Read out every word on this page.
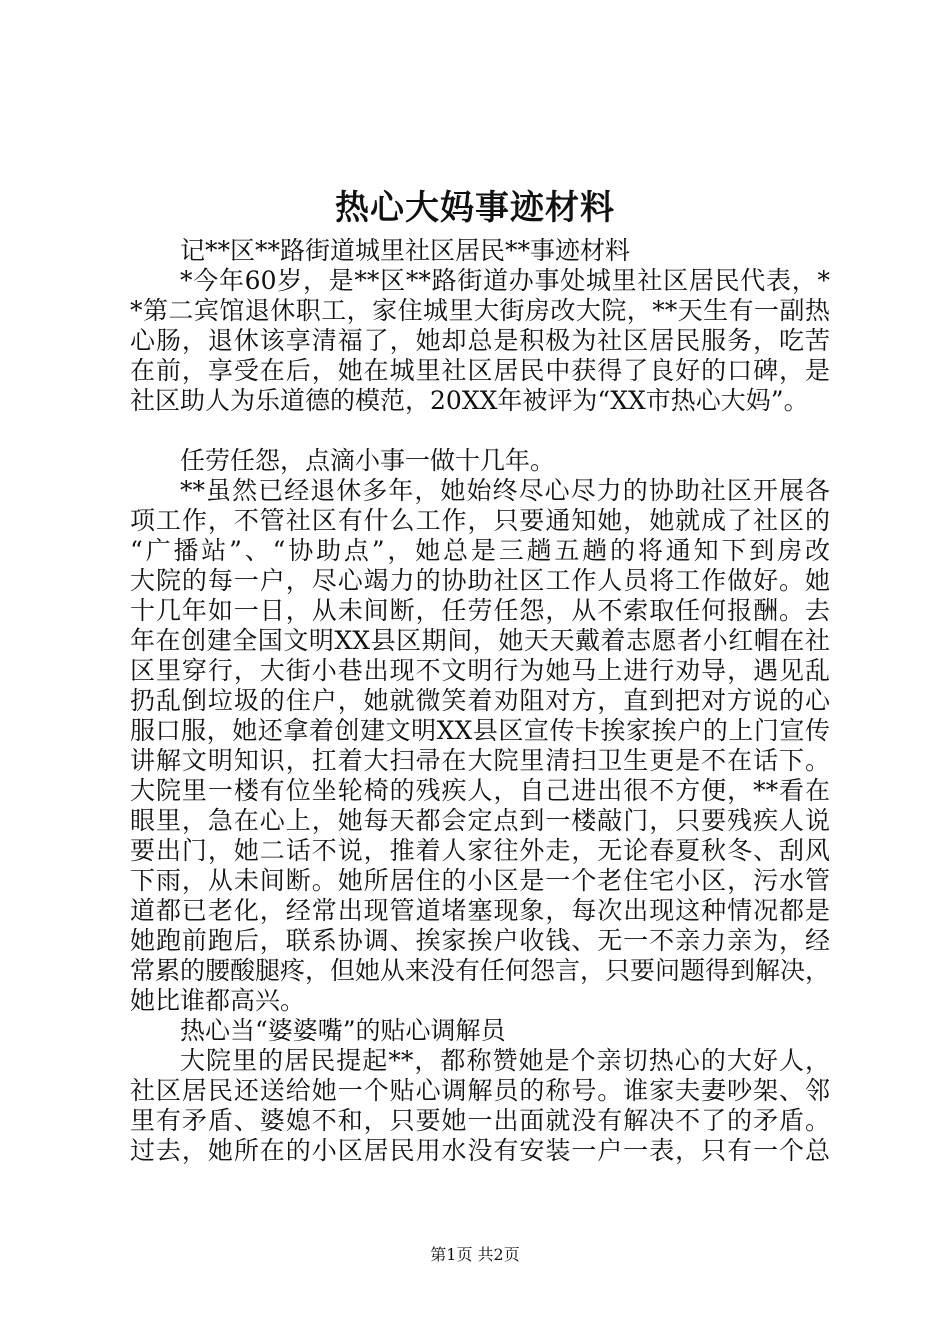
热心大妈事迹材料
记**区**路街道城里社区居民**事迹材料
*今年60岁，是**区**路街道办事处城里社区居民代表，*
*第二宾馆退休职工，家住城里大街房改大院，**天生有一副热
心肠，退休该享清福了，她却总是积极为社区居民服务，吃苦
在前，享受在后，她在城里社区居民中获得了良好的口碑，是
社区助人为乐道德的模范，20XX年被评为“XX市热心大妈”。
任劳任怨，点滴小事一做十几年。
**虽然已经退休多年，她始终尽心尽力的协助社区开展各
项工作，不管社区有什么工作，只要通知她，她就成了社区的
“广播站”、“协助点”，她总是三趟五趟的将通知下到房改
大院的每一户，尽心竭力的协助社区工作人员将工作做好。她
十几年如一日，从未间断，任劳任怨，从不索取任何报酬。去
年在创建全国文明XX县区期间，她天天戴着志愿者小红帽在社
区里穿行，大街小巷出现不文明行为她马上进行劝导，遇见乱
扔乱倒垃圾的住户，她就微笑着劝阻对方，直到把对方说的心
服口服，她还拿着创建文明XX县区宣传卡挨家挨户的上门宣传
讲解文明知识，扛着大扫帚在大院里清扫卫生更是不在话下。
大院里一楼有位坐轮椅的残疾人，自己进出很不方便，**看在
眼里，急在心上，她每天都会定点到一楼敲门，只要残疾人说
要出门，她二话不说，推着人家往外走，无论春夏秋冬、刮风
下雨，从未间断。她所居住的小区是一个老住宅小区，污水管
道都已老化，经常出现管道堵塞现象，每次出现这种情况都是
她跑前跑后，联系协调、挨家挨户收钱、无一不亲力亲为，经
常累的腰酸腿疼，但她从来没有任何怨言，只要问题得到解决，
她比谁都高兴。
热心当“婆婆嘴”的贴心调解员
大院里的居民提起**，都称赞她是个亲切热心的大好人，
社区居民还送给她一个贴心调解员的称号。谁家夫妻吵架、邻
里有矛盾、婆媳不和，只要她一出面就没有解决不了的矛盾。
过去，她所在的小区居民用水没有安装一户一表，只有一个总
第1页 共2页
